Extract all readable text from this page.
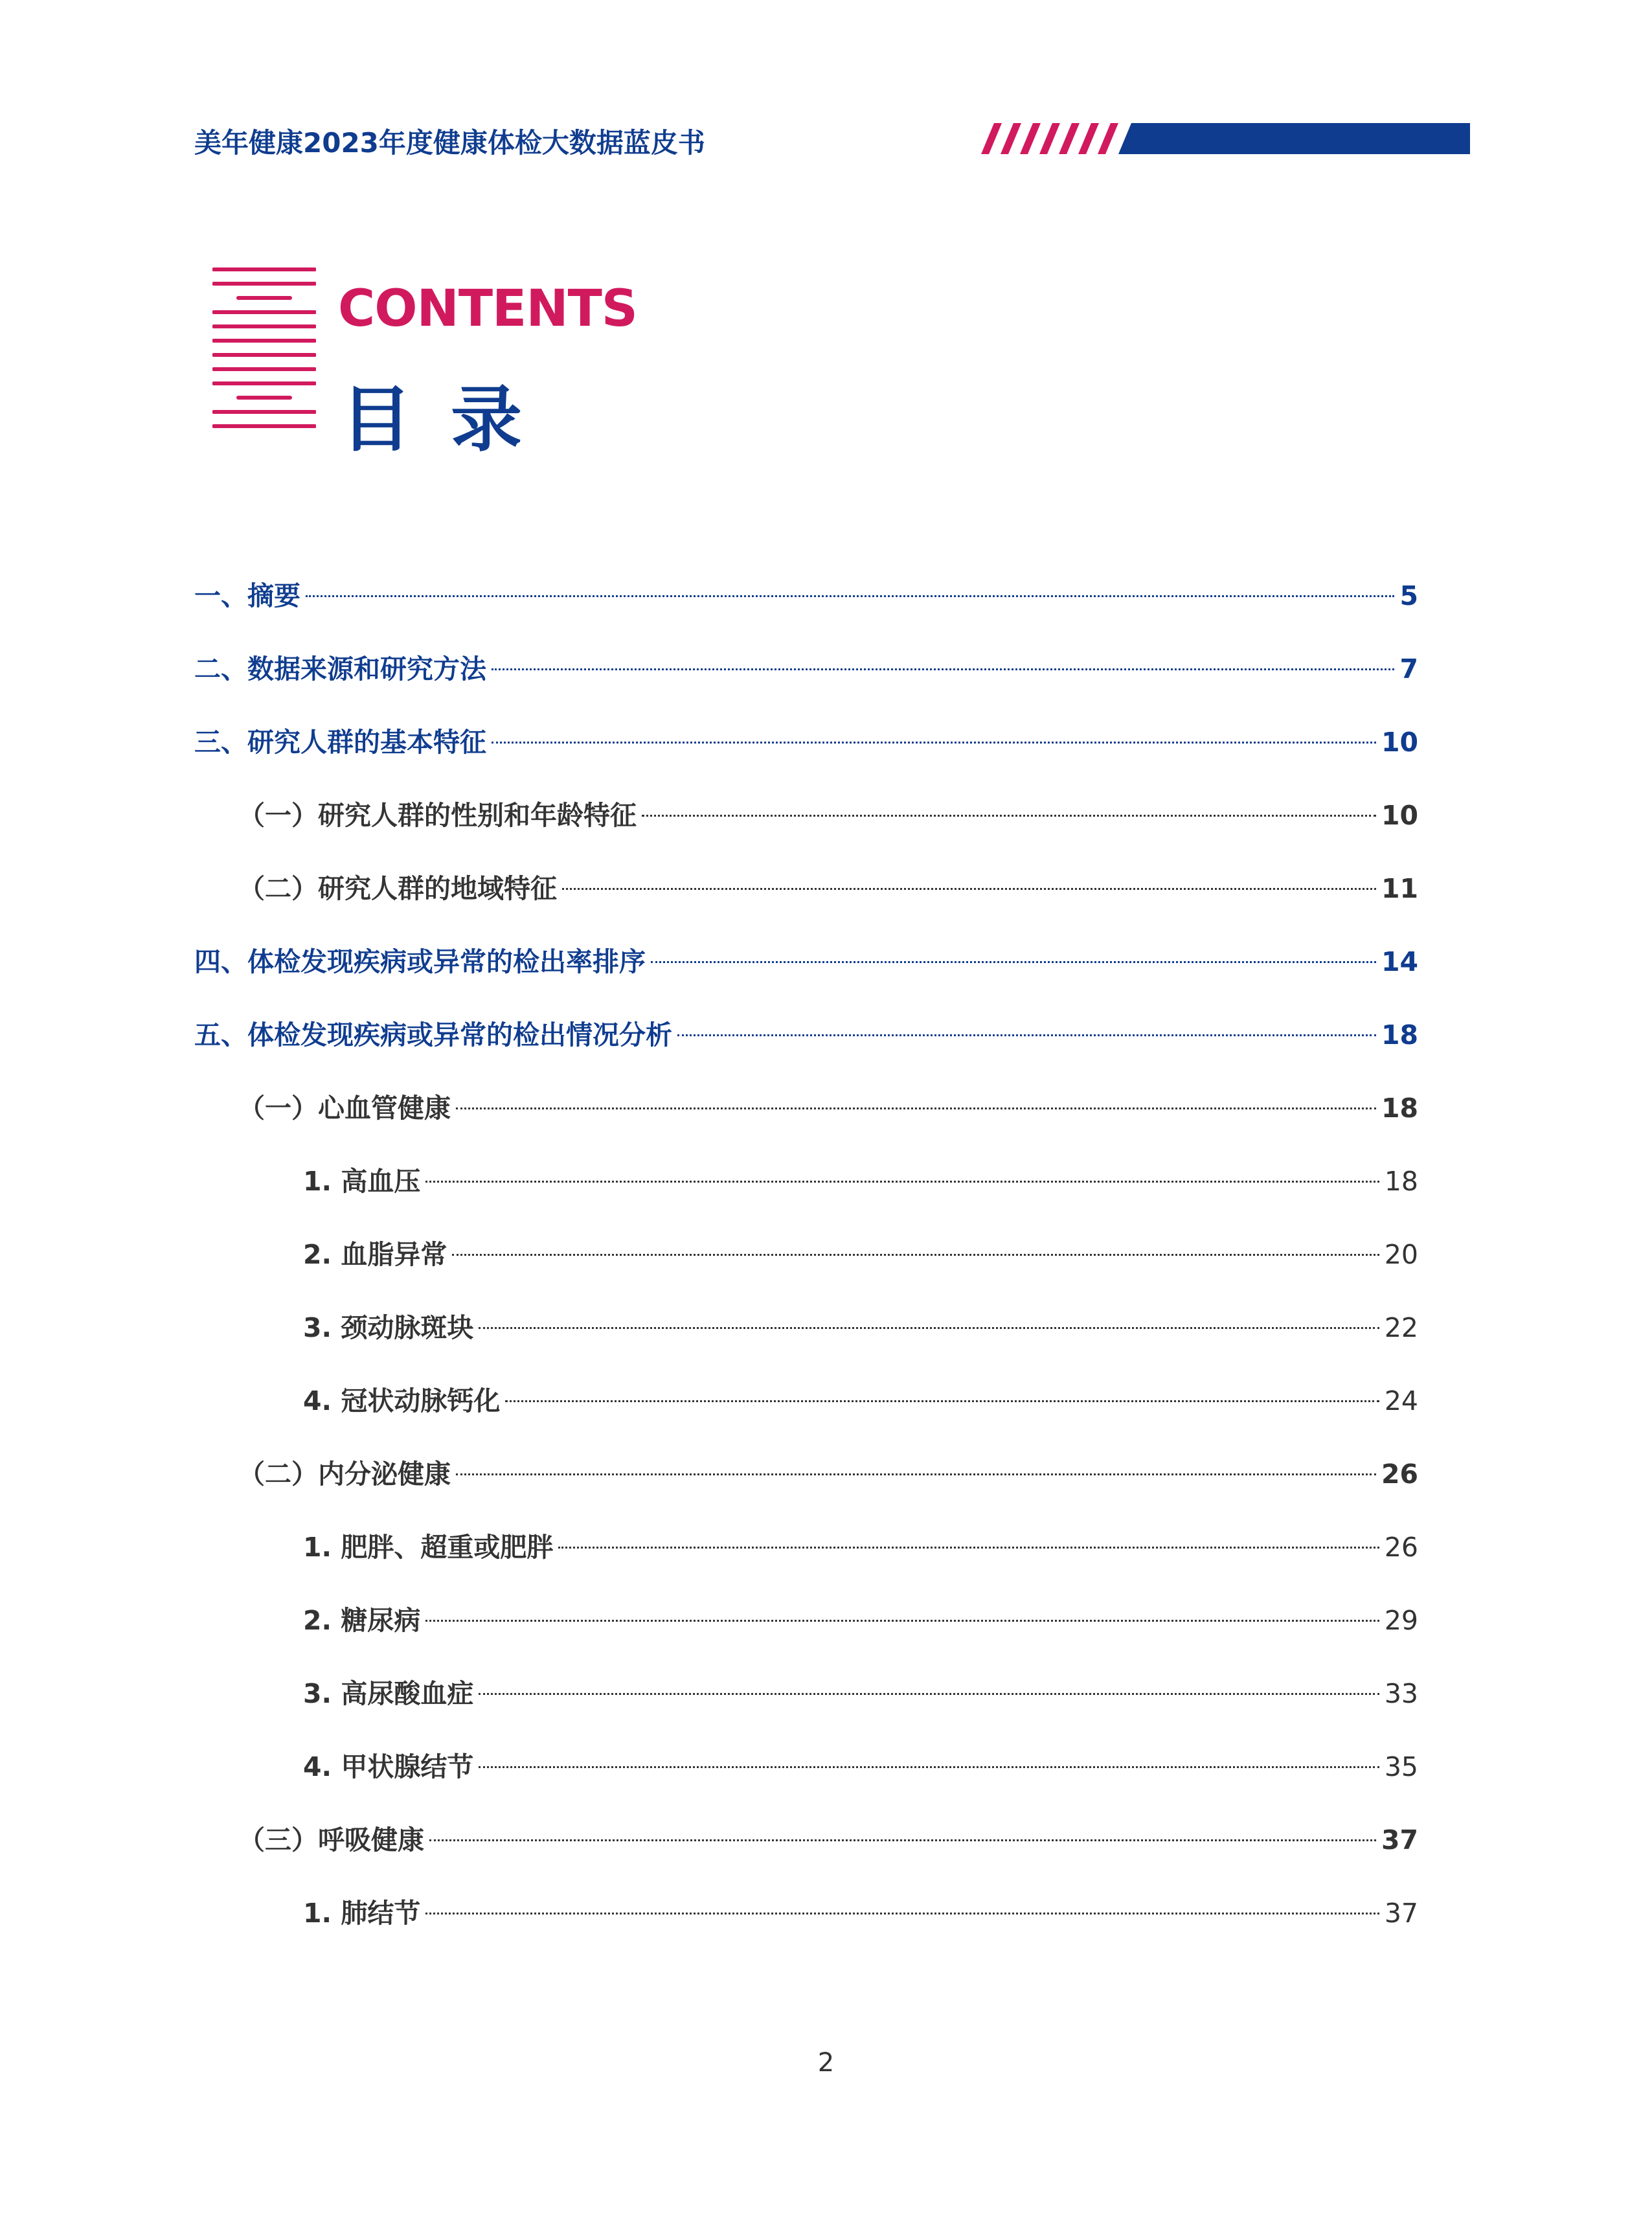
美年健康2023年度健康体检大数据蓝皮书
CONTENTS
目录
一、摘要	5
二、数据来源和研究方法	7
三、研究人群的基本特征	10
（一）研究人群的性别和年龄特征	10
（二）研究人群的地域特征	11
四、体检发现疾病或异常的检出率排序	14
五、体检发现疾病或异常的检出情况分析	18
（一）心血管健康	18
1. 高血压	18
2. 血脂异常	20
3. 颈动脉斑块	22
4. 冠状动脉钙化	24
（二）内分泌健康	26
1. 肥胖、超重或肥胖	26
2. 糖尿病	29
3. 高尿酸血症	33
4. 甲状腺结节	35
（三）呼吸健康	37
1. 肺结节	37
2
